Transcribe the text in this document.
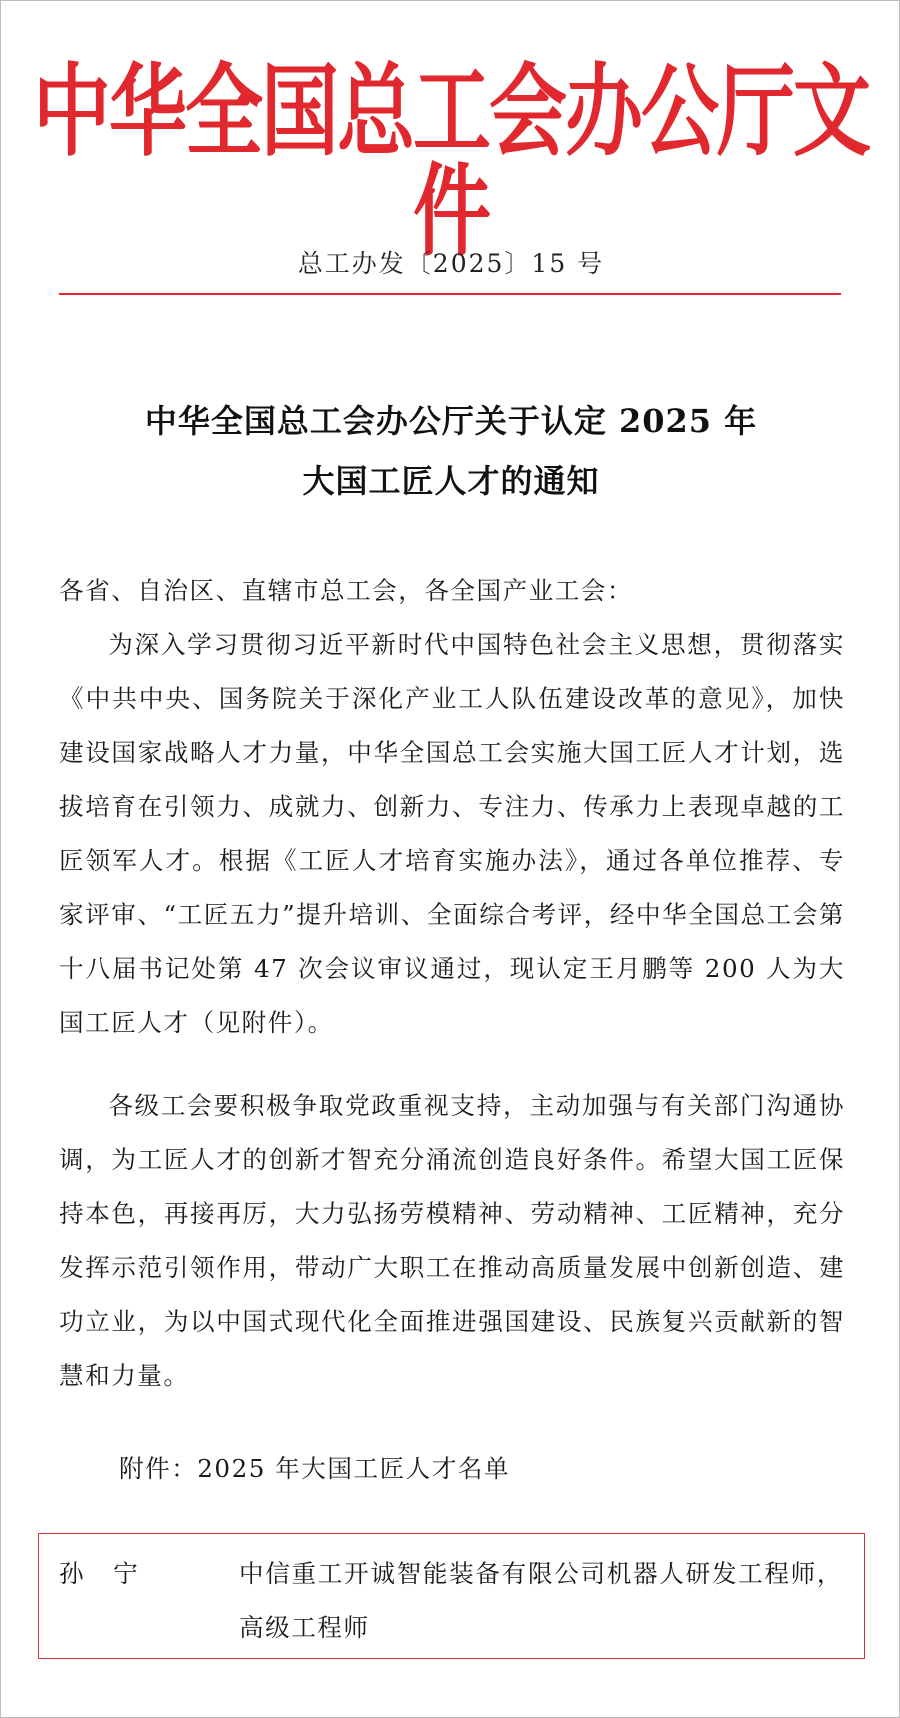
中华全国总工会办公厅文件
总工办发〔2025〕15 号
中华全国总工会办公厅关于认定 2025 年
大国工匠人才的通知
各省、自治区、直辖市总工会，各全国产业工会：

为深入学习贯彻习近平新时代中国特色社会主义思想，贯彻落实《中共中央、国务院关于深化产业工人队伍建设改革的意见》，加快建设国家战略人才力量，中华全国总工会实施大国工匠人才计划，选拔培育在引领力、成就力、创新力、专注力、传承力上表现卓越的工匠领军人才。根据《工匠人才培育实施办法》，通过各单位推荐、专家评审、“工匠五力”提升培训、全面综合考评，经中华全国总工会第十八届书记处第 47 次会议审议通过，现认定王月鹏等 200 人为大国工匠人才（见附件）。

各级工会要积极争取党政重视支持，主动加强与有关部门沟通协调，为工匠人才的创新才智充分涌流创造良好条件。希望大国工匠保持本色，再接再厉，大力弘扬劳模精神、劳动精神、工匠精神，充分发挥示范引领作用，带动广大职工在推动高质量发展中创新创造、建功立业，为以中国式现代化全面推进强国建设、民族复兴贡献新的智慧和力量。

附件：2025 年大国工匠人才名单
孙 宁	中信重工开诚智能装备有限公司机器人研发工程师，高级工程师
